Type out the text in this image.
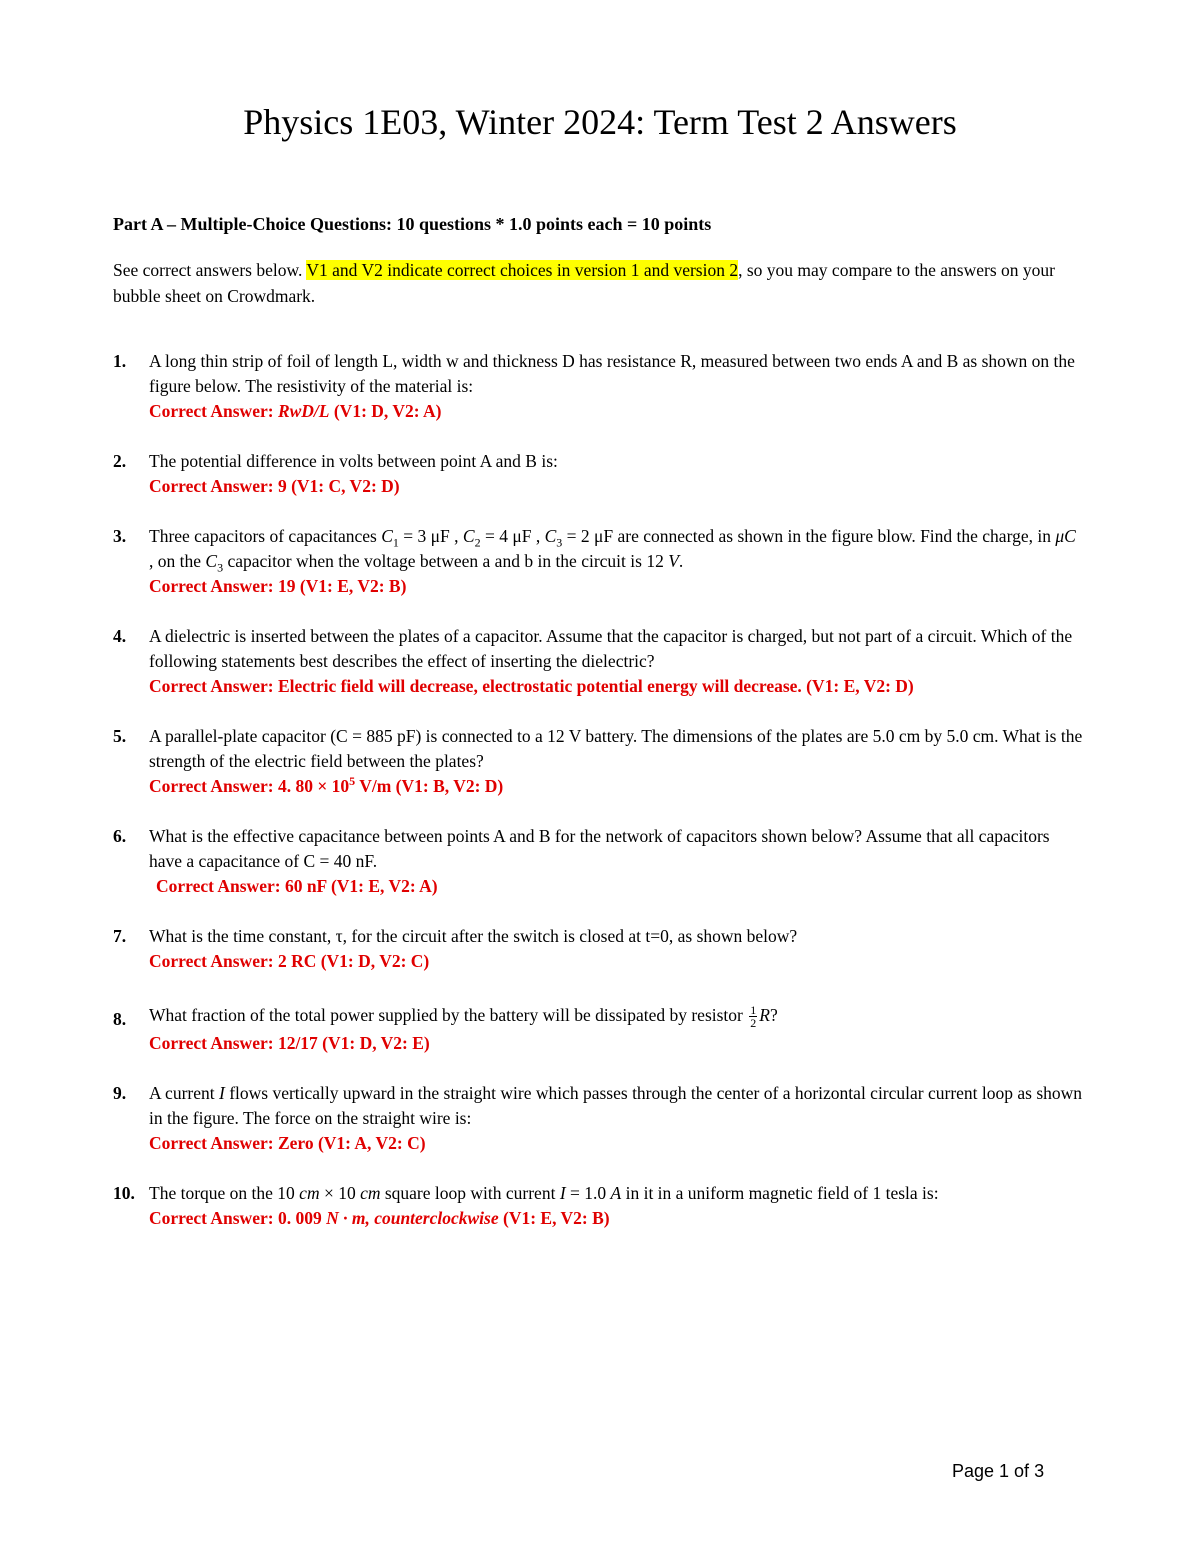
Physics 1E03, Winter 2024: Term Test 2 Answers
Part A – Multiple-Choice Questions: 10 questions * 1.0 points each = 10 points
See correct answers below. V1 and V2 indicate correct choices in version 1 and version 2, so you may compare to the answers on your bubble sheet on Crowdmark.
1. A long thin strip of foil of length L, width w and thickness D has resistance R, measured between two ends A and B as shown on the figure below. The resistivity of the material is:
Correct Answer: RwD/L (V1: D, V2: A)
2. The potential difference in volts between point A and B is:
Correct Answer: 9 (V1: C, V2: D)
3. Three capacitors of capacitances $C_1 = 3$ μF , $C_2 = 4$ μF , $C_3 = 2$ μF are connected as shown in the figure blow. Find the charge, in μC , on the $C_3$ capacitor when the voltage between a and b in the circuit is 12 V.
Correct Answer: 19 (V1: E, V2: B)
4. A dielectric is inserted between the plates of a capacitor. Assume that the capacitor is charged, but not part of a circuit. Which of the following statements best describes the effect of inserting the dielectric?
Correct Answer: Electric field will decrease, electrostatic potential energy will decrease. (V1: E, V2: D)
5. A parallel-plate capacitor (C = 885 pF) is connected to a 12 V battery. The dimensions of the plates are 5.0 cm by 5.0 cm. What is the strength of the electric field between the plates?
Correct Answer: 4. $80 \times 10^5$ V/m (V1: B, V2: D)
6. What is the effective capacitance between points A and B for the network of capacitors shown below? Assume that all capacitors have a capacitance of C = 40 nF.
Correct Answer: 60 nF (V1: E, V2: A)
7. What is the time constant, τ, for the circuit after the switch is closed at t=0, as shown below?
Correct Answer: 2 RC (V1: D, V2: C)
8. What fraction of the total power supplied by the battery will be dissipated by resistor $\frac{1}{2} R$?
Correct Answer: 12/17 (V1: D, V2: E)
9. A current I flows vertically upward in the straight wire which passes through the center of a horizontal circular current loop as shown in the figure. The force on the straight wire is:
Correct Answer: Zero (V1: A, V2: C)
10. The torque on the 10 cm × 10 cm square loop with current I = 1.0 A in it in a uniform magnetic field of 1 tesla is:
Correct Answer: 0. 009 N · m, counterclockwise (V1: E, V2: B)
Page 1 of 3
